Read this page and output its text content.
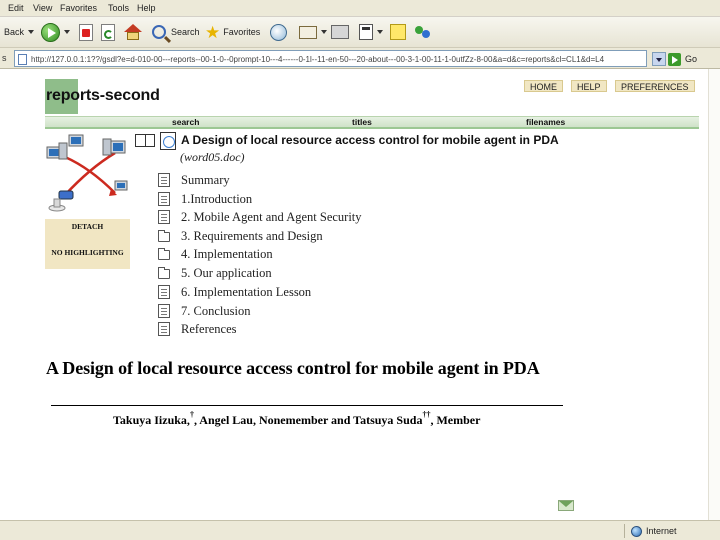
Edit View Favorites Tools Help
Back	Search ★ Favorites
s
http://127.0.0.1:1??/gsdl?e=d-010-00---reports--00-1-0--0prompt-10---4------0-1l--11-en-50---20-about---00-3-1-00-11-1-0utfZz-8-00&a=d&c=reports&cl=CL1&d=L4	Go
reports-second	HOME	HELP	PREFERENCES
search	titles	filenames
DETACH
NO HIGHLIGHTING
A Design of local resource access control for mobile agent in PDA
(word05.doc)
Summary
1.Introduction
2. Mobile Agent and Agent Security
3. Requirements and Design
4. Implementation
5. Our application
6. Implementation Lesson
7. Conclusion
References
A Design of local resource access control for mobile agent in PDA
Takuya Iizuka,†, Angel Lau, Nonemember and Tatsuya Suda††, Member
Internet
